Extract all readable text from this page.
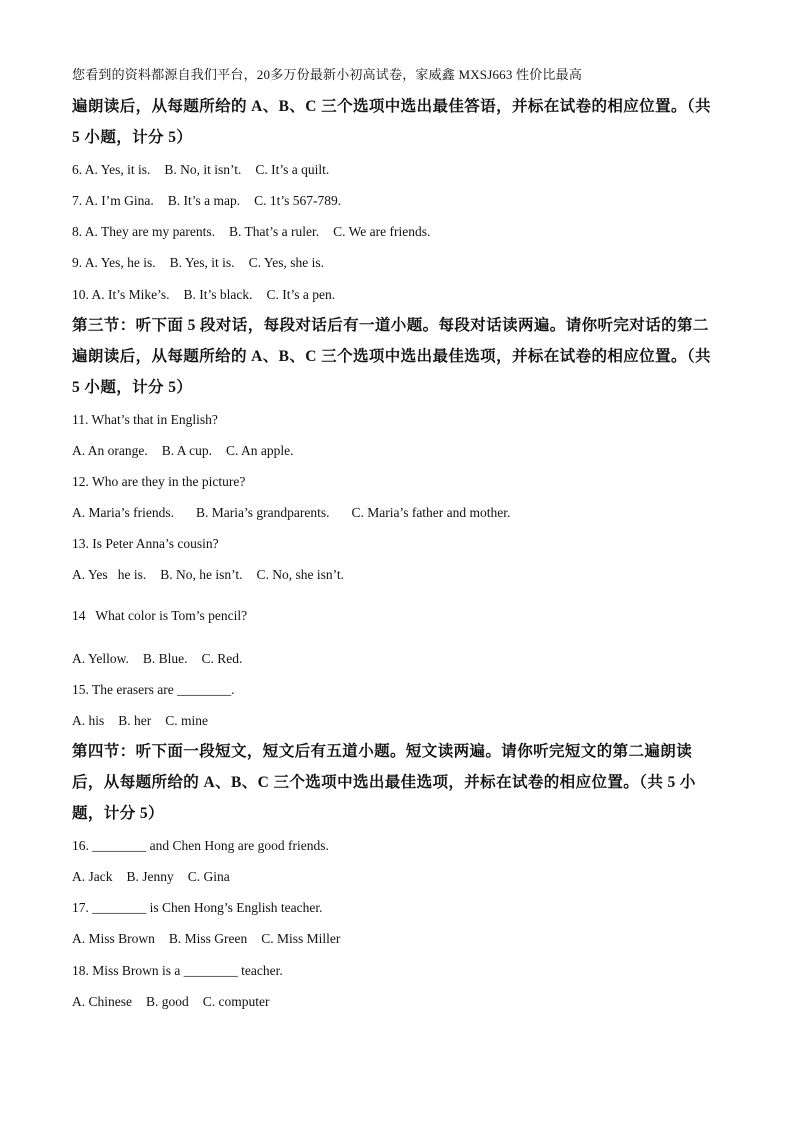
您看到的资料都源自我们平台，20多万份最新小初高试卷，家威鑫 MXSJ663 性价比最高
遍朗读后，从每题所给的 A、B、C 三个选项中选出最佳答语，并标在试卷的相应位置。（共
5 小题，计分 5）
6. A. Yes, it is. B. No, it isn’t. C. It’s a quilt.
7. A. I’m Gina. B. It’s a map. C. 1t’s 567-789.
8. A. They are my parents. B. That’s a ruler. C. We are friends.
9. A. Yes, he is. B. Yes, it is. C. Yes, she is.
10. A. It’s Mike’s. B. It’s black. C. It’s a pen.
第三节：听下面 5 段对话，每段对话后有一道小题。每段对话读两遍。请你听完对话的第二
遍朗读后，从每题所给的 A、B、C 三个选项中选出最佳选项，并标在试卷的相应位置。（共
5 小题，计分 5）
11. What’s that in English?
A. An orange. B. A cup. C. An apple.
12. Who are they in the picture?
A. Maria’s friends. B. Maria’s grandparents. C. Maria’s father and mother.
13. Is Peter Anna’s cousin?
A. Yes   he is. B. No, he isn’t. C. No, she isn’t.
14   What color is Tom’s pencil?
A. Yellow. B. Blue. C. Red.
15. The erasers are ________.
A. his B. her C. mine
第四节：听下面一段短文，短文后有五道小题。短文读两遍。请你听完短文的第二遍朗读
后，从每题所给的 A、B、C 三个选项中选出最佳选项，并标在试卷的相应位置。（共 5 小
题，计分 5）
16. ________ and Chen Hong are good friends.
A. Jack B. Jenny C. Gina
17. ________ is Chen Hong’s English teacher.
A. Miss Brown B. Miss Green C. Miss Miller
18. Miss Brown is a ________ teacher.
A. Chinese B. good C. computer
